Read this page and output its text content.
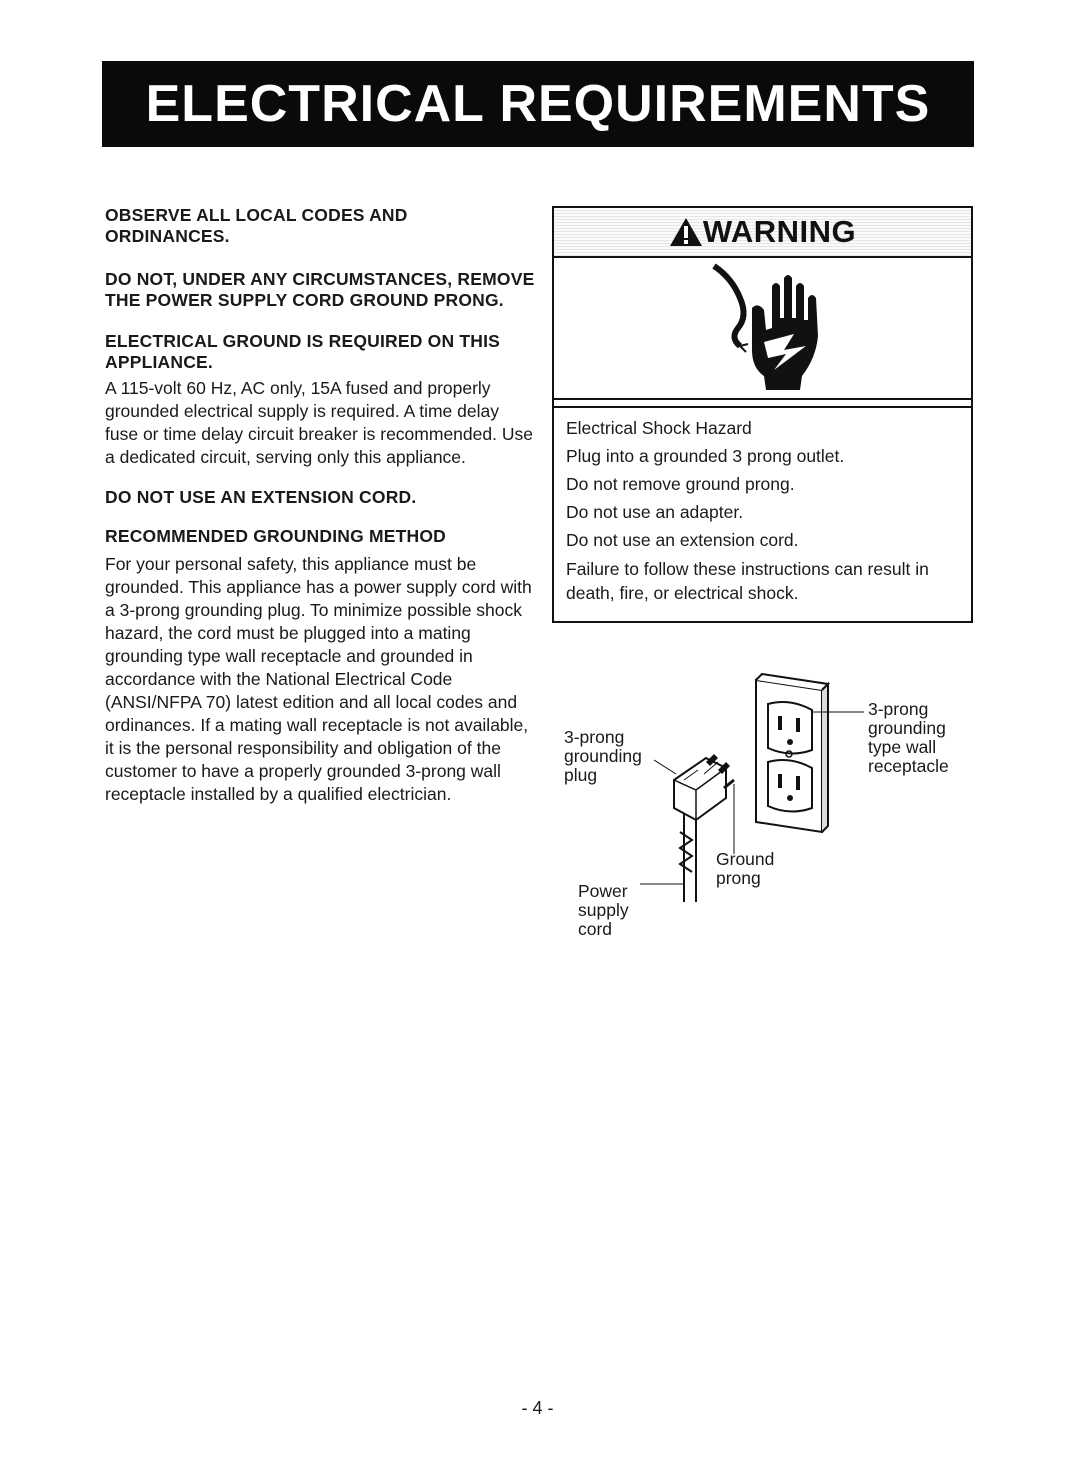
ELECTRICAL REQUIREMENTS
OBSERVE ALL LOCAL CODES AND ORDINANCES.
DO NOT, UNDER ANY CIRCUMSTANCES, REMOVE THE POWER SUPPLY CORD GROUND PRONG.
ELECTRICAL GROUND IS REQUIRED ON THIS APPLIANCE.
A 115-volt 60 Hz, AC only, 15A fused and properly grounded electrical supply is required. A time delay fuse or time delay circuit breaker is recommended. Use a dedicated circuit, serving only this appliance.
DO NOT USE AN EXTENSION CORD.
RECOMMENDED GROUNDING METHOD
For your personal safety, this appliance must be grounded. This appliance has a power supply cord with a 3-prong grounding plug. To minimize possible shock hazard, the cord must be plugged into a mating grounding type wall receptacle and grounded in accordance with the National Electrical Code (ANSI/NFPA 70) latest edition and all local codes and ordinances. If a mating wall receptacle is not available, it is the personal responsibility and obligation of the customer to have a properly grounded 3-prong wall receptacle installed by a qualified electrician.
WARNING
Electrical Shock Hazard
Plug into a grounded 3 prong outlet.
Do not remove ground prong.
Do not use an adapter.
Do not use an extension cord.
Failure to follow these instructions can result in death, fire, or electrical shock.
3-prong
grounding
plug
3-prong
grounding
type wall
receptacle
Ground
prong
Power
supply
cord
- 4 -
